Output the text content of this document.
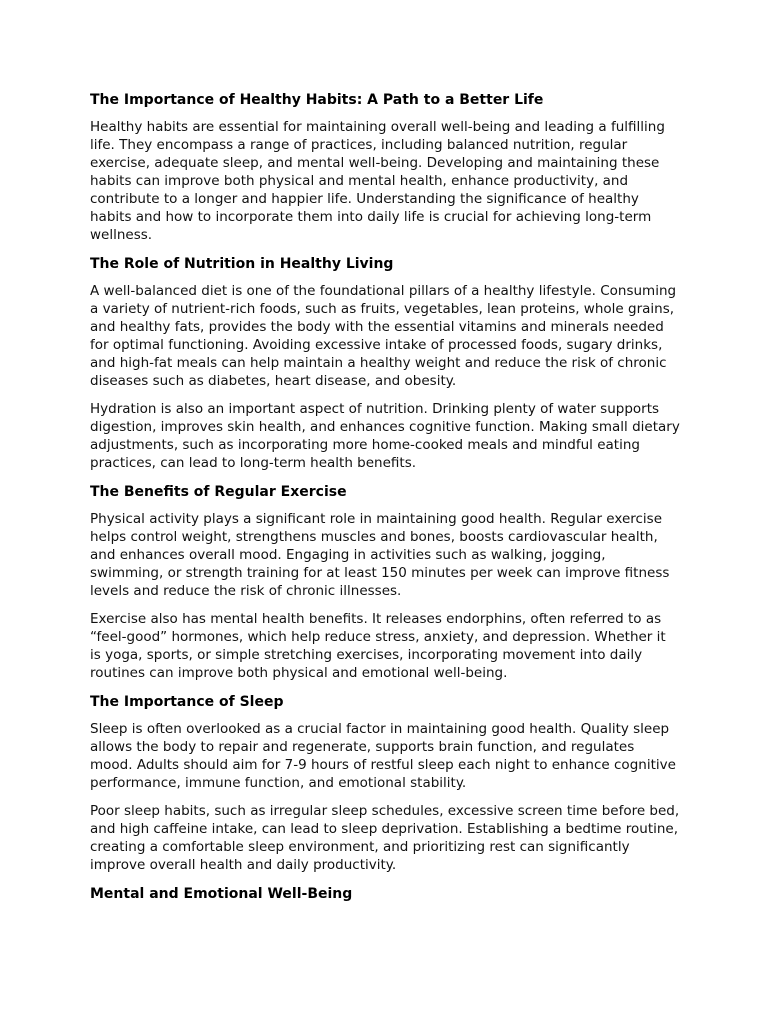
The Importance of Healthy Habits: A Path to a Better Life

Healthy habits are essential for maintaining overall well-being and leading a fulfilling life. They encompass a range of practices, including balanced nutrition, regular exercise, adequate sleep, and mental well-being. Developing and maintaining these habits can improve both physical and mental health, enhance productivity, and contribute to a longer and happier life. Understanding the significance of healthy habits and how to incorporate them into daily life is crucial for achieving long-term wellness.

The Role of Nutrition in Healthy Living

A well-balanced diet is one of the foundational pillars of a healthy lifestyle. Consuming a variety of nutrient-rich foods, such as fruits, vegetables, lean proteins, whole grains, and healthy fats, provides the body with the essential vitamins and minerals needed for optimal functioning. Avoiding excessive intake of processed foods, sugary drinks, and high-fat meals can help maintain a healthy weight and reduce the risk of chronic diseases such as diabetes, heart disease, and obesity.

Hydration is also an important aspect of nutrition. Drinking plenty of water supports digestion, improves skin health, and enhances cognitive function. Making small dietary adjustments, such as incorporating more home-cooked meals and mindful eating practices, can lead to long-term health benefits.

The Benefits of Regular Exercise

Physical activity plays a significant role in maintaining good health. Regular exercise helps control weight, strengthens muscles and bones, boosts cardiovascular health, and enhances overall mood. Engaging in activities such as walking, jogging, swimming, or strength training for at least 150 minutes per week can improve fitness levels and reduce the risk of chronic illnesses.

Exercise also has mental health benefits. It releases endorphins, often referred to as “feel-good” hormones, which help reduce stress, anxiety, and depression. Whether it is yoga, sports, or simple stretching exercises, incorporating movement into daily routines can improve both physical and emotional well-being.

The Importance of Sleep

Sleep is often overlooked as a crucial factor in maintaining good health. Quality sleep allows the body to repair and regenerate, supports brain function, and regulates mood. Adults should aim for 7-9 hours of restful sleep each night to enhance cognitive performance, immune function, and emotional stability.

Poor sleep habits, such as irregular sleep schedules, excessive screen time before bed, and high caffeine intake, can lead to sleep deprivation. Establishing a bedtime routine, creating a comfortable sleep environment, and prioritizing rest can significantly improve overall health and daily productivity.

Mental and Emotional Well-Being
